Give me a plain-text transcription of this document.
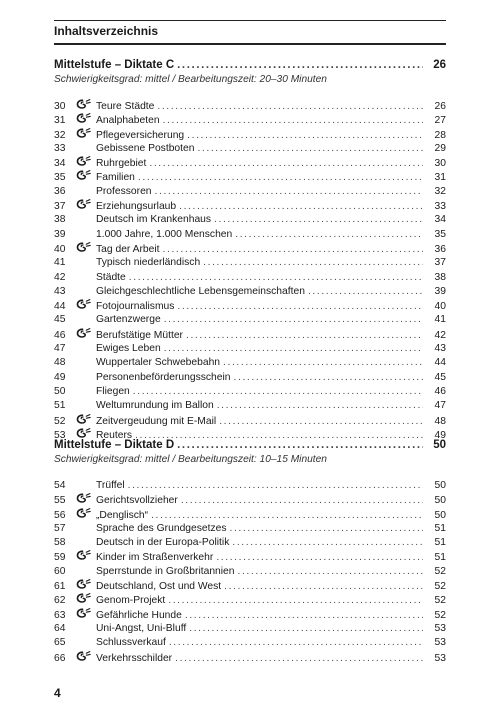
Inhaltsverzeichnis
Mittelstufe – Diktate C .....	26
Schwierigkeitsgrad: mittel / Bearbeitungszeit: 20–30 Minuten
30	Teure Städte .....	26
31	Analphabeten .....	27
32	Pflegeversicherung .....	28
33	Gebissene Postboten .....	29
34	Ruhrgebiet .....	30
35	Familien .....	31
36	Professoren .....	32
37	Erziehungsurlaub .....	33
38	Deutsch im Krankenhaus .....	34
39	1.000 Jahre, 1.000 Menschen .....	35
40	Tag der Arbeit .....	36
41	Typisch niederländisch .....	37
42	Städte .....	38
43	Gleichgeschlechtliche Lebensgemeinschaften .....	39
44	Fotojournalismus .....	40
45	Gartenzwerge .....	41
46	Berufstätige Mütter .....	42
47	Ewiges Leben .....	43
48	Wuppertaler Schwebebahn .....	44
49	Personenbeförderungsschein .....	45
50	Fliegen .....	46
51	Weltumrundung im Ballon .....	47
52	Zeitvergeudung mit E-Mail .....	48
53	Reuters .....	49
Mittelstufe – Diktate D .....	50
Schwierigkeitsgrad: mittel / Bearbeitungszeit: 10–15 Minuten
54	Trüffel .....	50
55	Gerichtsvollzieher .....	50
56	„Denglisch“ .....	50
57	Sprache des Grundgesetzes .....	51
58	Deutsch in der Europa-Politik .....	51
59	Kinder im Straßenverkehr .....	51
60	Sperrstunde in Großbritannien .....	52
61	Deutschland, Ost und West .....	52
62	Genom-Projekt .....	52
63	Gefährliche Hunde .....	52
64	Uni-Angst, Uni-Bluff .....	53
65	Schlussverkauf .....	53
66	Verkehrsschilder .....	53
4
